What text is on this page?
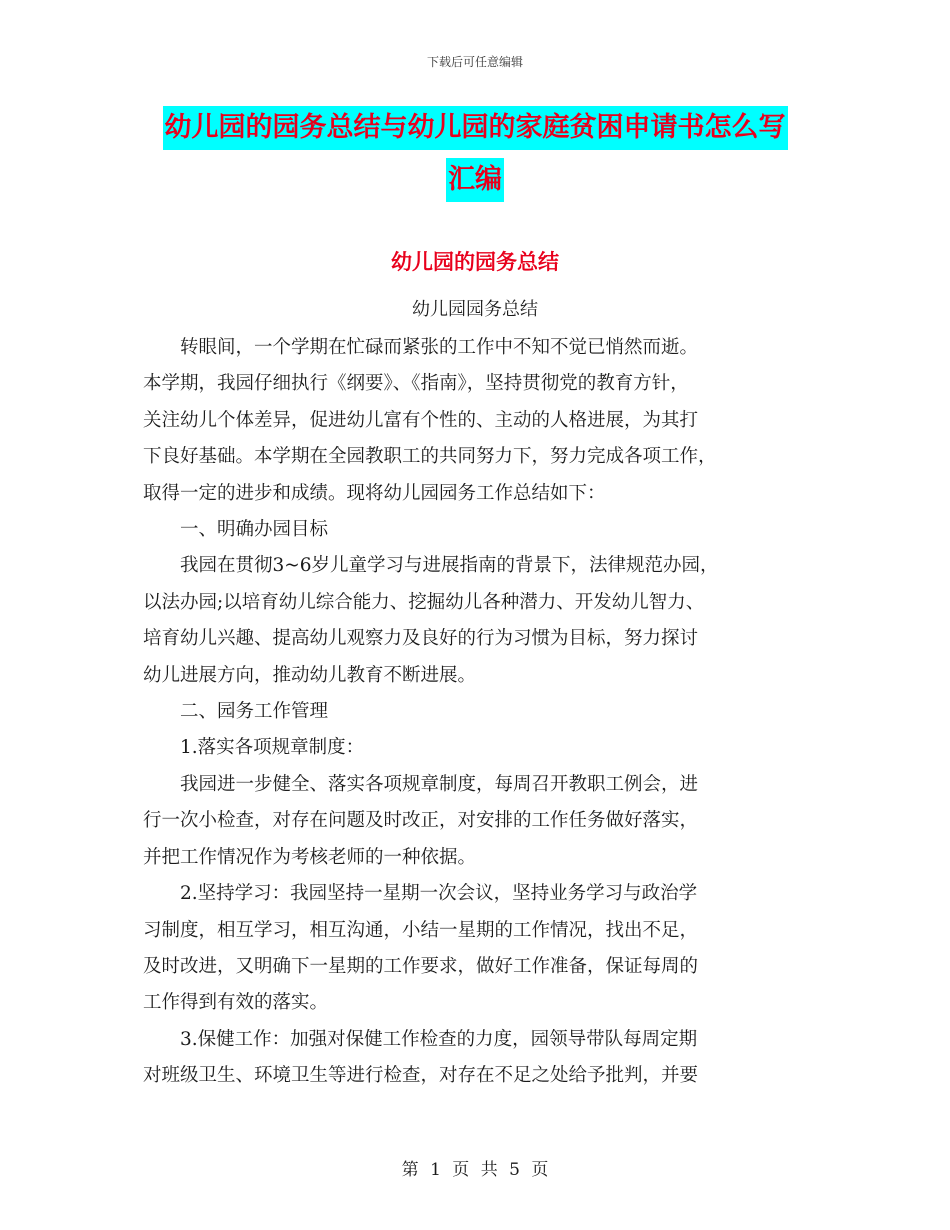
下载后可任意编辑
幼儿园的园务总结与幼儿园的家庭贫困申请书怎么写
汇编
幼儿园的园务总结
幼儿园园务总结

转眼间，一个学期在忙碌而紧张的工作中不知不觉已悄然而逝。
本学期，我园仔细执行《纲要》、《指南》，坚持贯彻党的教育方针，
关注幼儿个体差异，促进幼儿富有个性的、主动的人格进展，为其打
下良好基础。本学期在全园教职工的共同努力下，努力完成各项工作，
取得一定的进步和成绩。现将幼儿园园务工作总结如下：

一、明确办园目标

我园在贯彻3~6岁儿童学习与进展指南的背景下，法律规范办园，
以法办园;以培育幼儿综合能力、挖掘幼儿各种潜力、开发幼儿智力、
培育幼儿兴趣、提高幼儿观察力及良好的行为习惯为目标，努力探讨
幼儿进展方向，推动幼儿教育不断进展。

二、园务工作管理

1.落实各项规章制度：

我园进一步健全、落实各项规章制度，每周召开教职工例会，进
行一次小检查，对存在问题及时改正，对安排的工作任务做好落实，
并把工作情况作为考核老师的一种依据。

2.坚持学习：我园坚持一星期一次会议，坚持业务学习与政治学
习制度，相互学习，相互沟通，小结一星期的工作情况，找出不足，
及时改进，又明确下一星期的工作要求，做好工作准备，保证每周的
工作得到有效的落实。

3.保健工作：加强对保健工作检查的力度，园领导带队每周定期
对班级卫生、环境卫生等进行检查，对存在不足之处给予批判，并要

第 1 页 共 5 页
